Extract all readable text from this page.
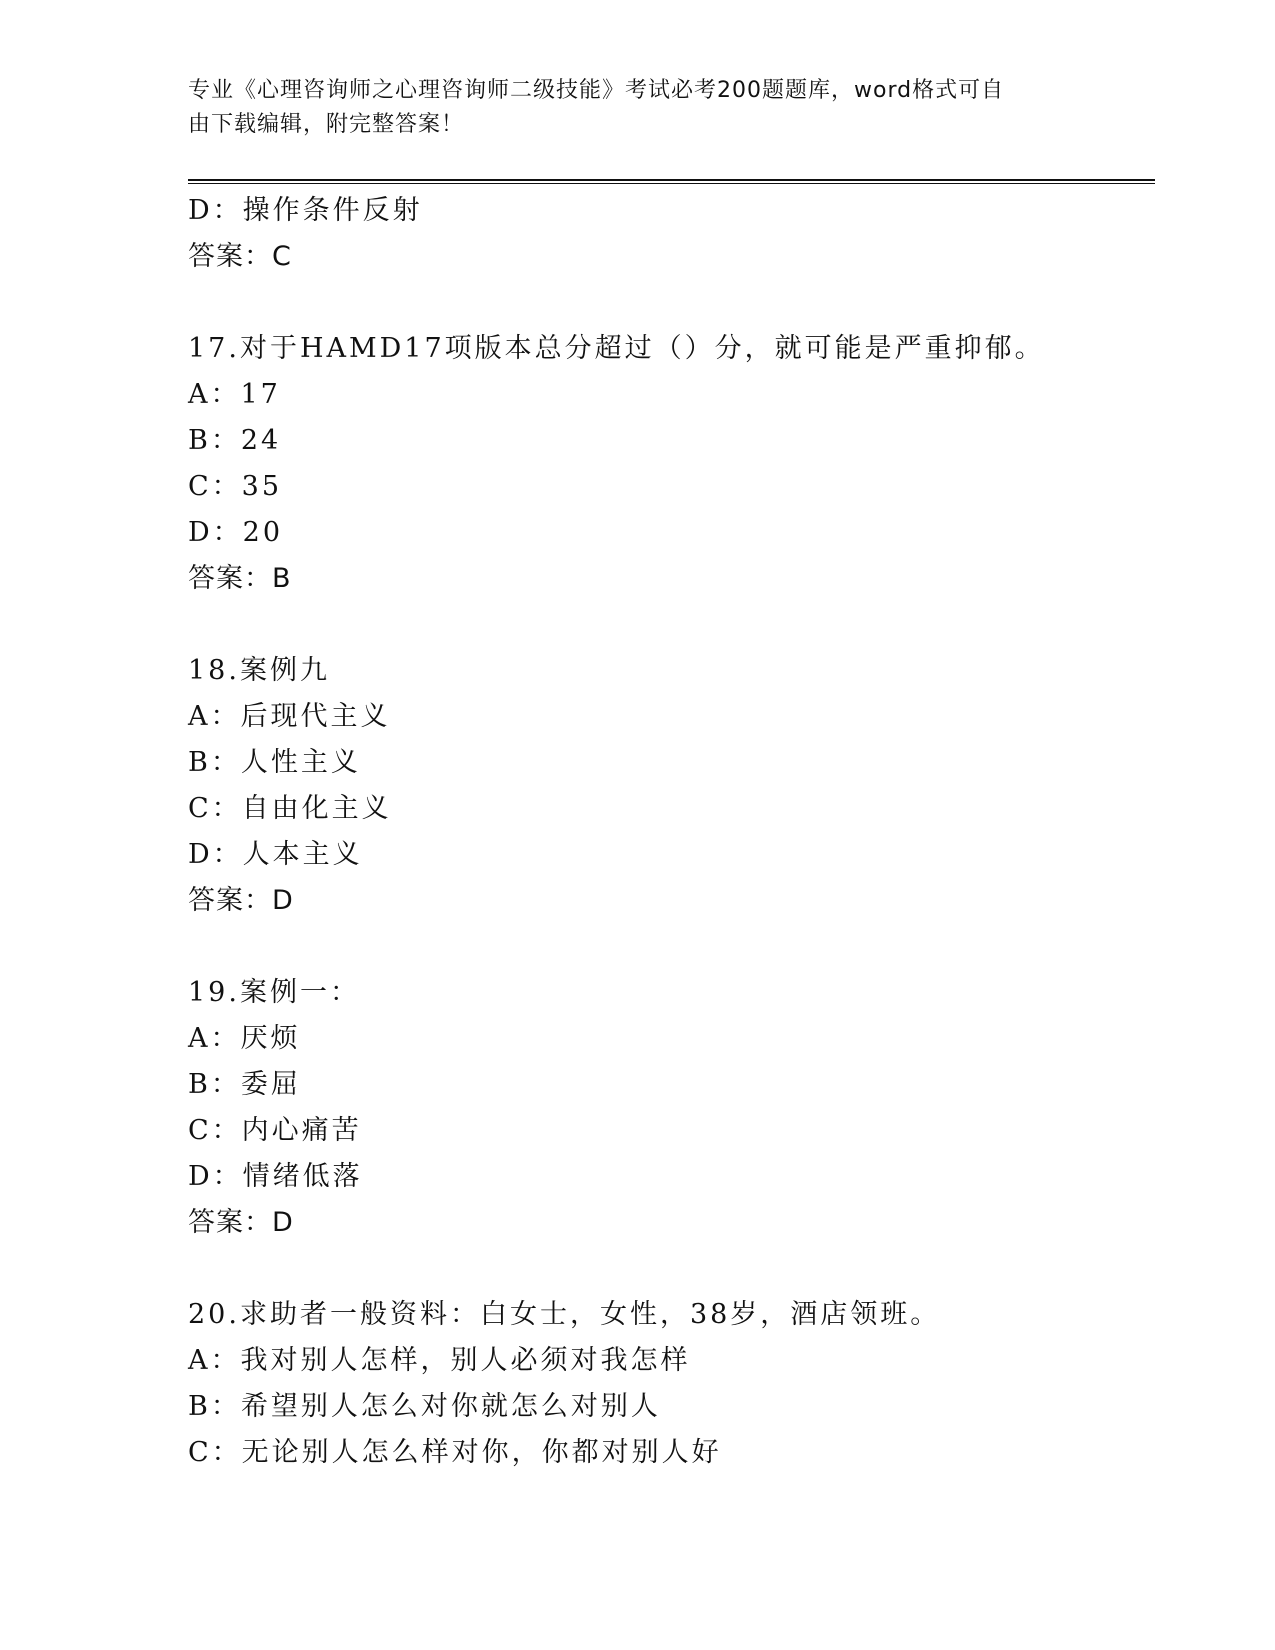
专业《心理咨询师之心理咨询师二级技能》考试必考200题题库，word格式可自
由下载编辑，附完整答案！
D：操作条件反射
答案：C
17.对于HAMD17项版本总分超过（）分，就可能是严重抑郁。
A：17
B：24
C：35
D：20
答案：B
18.案例九
A：后现代主义
B：人性主义
C：自由化主义
D：人本主义
答案：D
19.案例一：
A：厌烦
B：委屈
C：内心痛苦
D：情绪低落
答案：D
20.求助者一般资料：白女士，女性，38岁，酒店领班。
A：我对别人怎样，别人必须对我怎样
B：希望别人怎么对你就怎么对别人
C：无论别人怎么样对你，你都对别人好
